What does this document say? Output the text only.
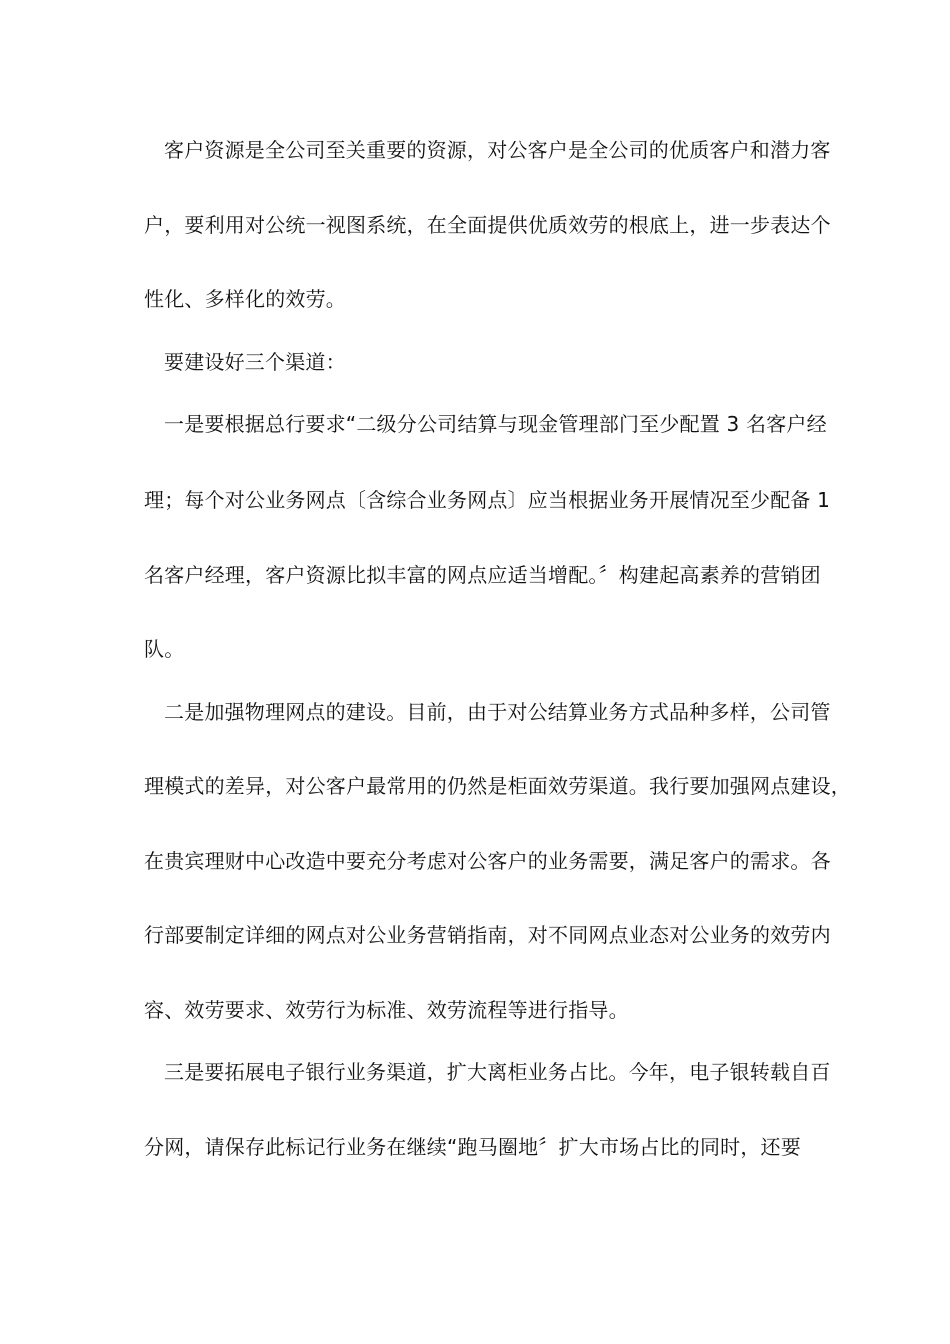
客户资源是全公司至关重要的资源，对公客户是全公司的优质客户和潜力客
户，要利用对公统一视图系统，在全面提供优质效劳的根底上，进一步表达个
性化、多样化的效劳。
要建设好三个渠道：
一是要根据总行要求“二级分公司结算与现金管理部门至少配置 3 名客户经
理；每个对公业务网点〔含综合业务网点〕应当根据业务开展情况至少配备 1
名客户经理，客户资源比拟丰富的网点应适当增配。〞构建起高素养的营销团
队。
二是加强物理网点的建设。目前，由于对公结算业务方式品种多样，公司管
理模式的差异，对公客户最常用的仍然是柜面效劳渠道。我行要加强网点建设，
在贵宾理财中心改造中要充分考虑对公客户的业务需要，满足客户的需求。各
行部要制定详细的网点对公业务营销指南，对不同网点业态对公业务的效劳内
容、效劳要求、效劳行为标准、效劳流程等进行指导。
三是要拓展电子银行业务渠道，扩大离柜业务占比。今年，电子银转载自百
分网，请保存此标记行业务在继续“跑马圈地〞扩大市场占比的同时，还要
